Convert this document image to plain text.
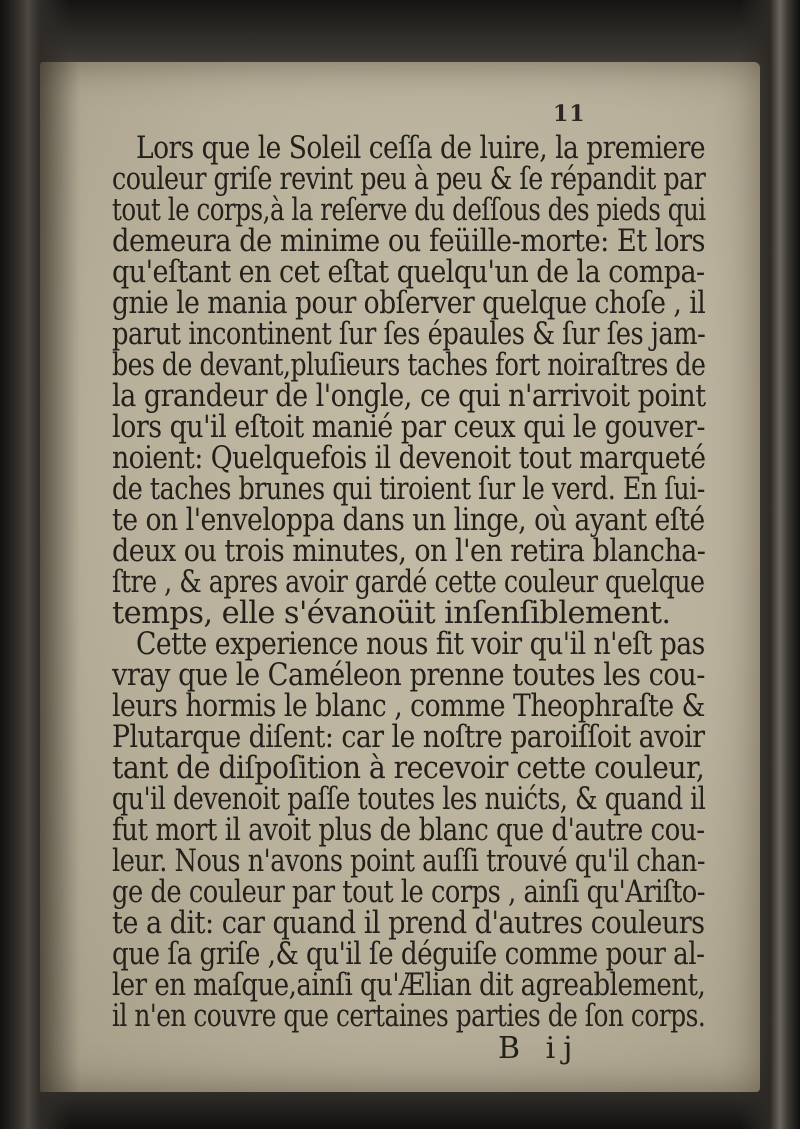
11
Lors que le Soleil ceſſa de luire, la premiere
couleur griſe revint peu à peu & ſe répandit par
tout le corps,à la reſerve du deſſous des pieds qui
demeura de minime ou feüille-morte: Et lors
qu'eſtant en cet eſtat quelqu'un de la compa-
gnie le mania pour obſerver quelque choſe , il
parut incontinent ſur ſes épaules & ſur ſes jam-
bes de devant,pluſieurs taches fort noiraſtres de
la grandeur de l'ongle, ce qui n'arrivoit point
lors qu'il eſtoit manié par ceux qui le gouver-
noient: Quelquefois il devenoit tout marqueté
de taches brunes qui tiroient ſur le verd. En ſui-
te on l'enveloppa dans un linge, où ayant eſté
deux ou trois minutes, on l'en retira blancha-
ſtre , & apres avoir gardé cette couleur quelque
temps, elle s'évanoüit inſenſiblement.
Cette experience nous fit voir qu'il n'eſt pas
vray que le Caméleon prenne toutes les cou-
leurs hormis le blanc , comme Theophraſte &
Plutarque diſent: car le noſtre paroiſſoit avoir
tant de diſpoſition à recevoir cette couleur,
qu'il devenoit paſſe toutes les nuićts, & quand il
fut mort il avoit plus de blanc que d'autre cou-
leur. Nous n'avons point auſſi trouvé qu'il chan-
ge de couleur par tout le corps , ainſi qu'Ariſto-
te a dit: car quand il prend d'autres couleurs
que ſa griſe ,& qu'il ſe déguiſe comme pour al-
ler en maſque,ainſi qu'Ælian dit agreablement,
il n'en couvre que certaines parties de ſon corps.
B ij
